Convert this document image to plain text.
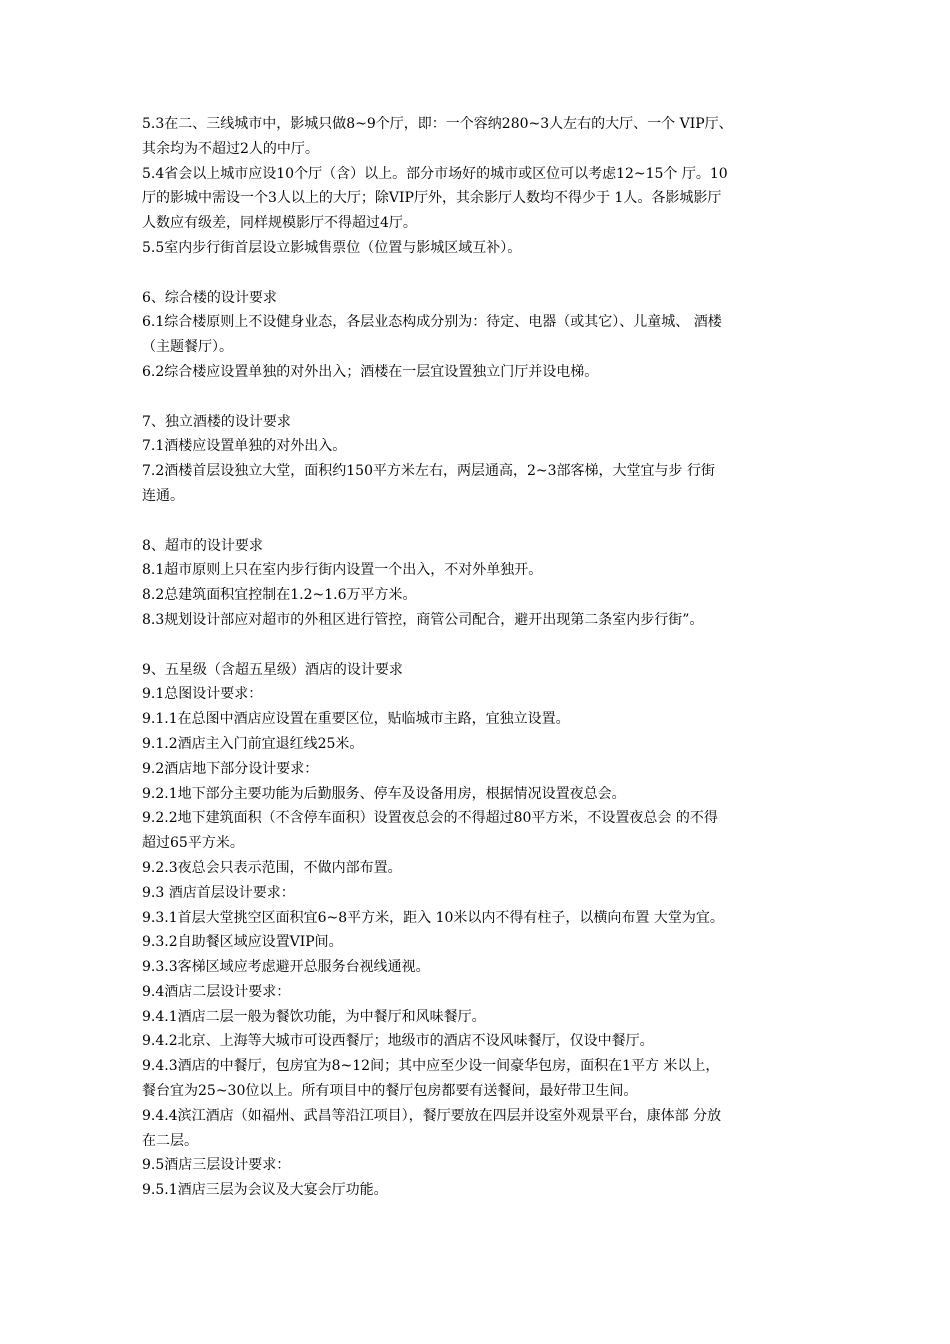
5.3在二、三线城市中，影城只做8~9个厅，即：一个容纳280~3人左右的大厅、一个 VIP厅、
其余均为不超过2人的中厅。
5.4省会以上城市应设10个厅（含）以上。部分市场好的城市或区位可以考虑12~15个 厅。10
厅的影城中需设一个3人以上的大厅；除VIP厅外，其余影厅人数均不得少于 1人。各影城影厅
人数应有级差，同样规模影厅不得超过4厅。
5.5室内步行街首层设立影城售票位（位置与影城区域互补）。
6、综合楼的设计要求
6.1综合楼原则上不设健身业态，各层业态构成分别为：待定、电器（或其它）、儿童城、 酒楼
（主题餐厅）。
6.2综合楼应设置单独的对外出入；酒楼在一层宜设置独立门厅并设电梯。
7、独立酒楼的设计要求
7.1酒楼应设置单独的对外出入。
7.2酒楼首层设独立大堂，面积约150平方米左右，两层通高，2~3部客梯，大堂宜与步 行街
连通。
8、超市的设计要求
8.1超市原则上只在室内步行街内设置一个出入，不对外单独开。
8.2总建筑面积宜控制在1.2~1.6万平方米。
8.3规划设计部应对超市的外租区进行管控，商管公司配合，避开出现第二条室内步行街”。
9、五星级（含超五星级）酒店的设计要求
9.1总图设计要求：
9.1.1在总图中酒店应设置在重要区位，贴临城市主路，宜独立设置。
9.1.2酒店主入门前宜退红线25米。
9.2酒店地下部分设计要求：
9.2.1地下部分主要功能为后勤服务、停车及设备用房，根据情况设置夜总会。
9.2.2地下建筑面积（不含停车面积）设置夜总会的不得超过80平方米，不设置夜总会 的不得
超过65平方米。
9.2.3夜总会只表示范围，不做内部布置。
9.3 酒店首层设计要求：
9.3.1首层大堂挑空区面积宜6~8平方米，距入 10米以内不得有柱子，以横向布置 大堂为宜。
9.3.2自助餐区域应设置VIP间。
9.3.3客梯区域应考虑避开总服务台视线通视。
9.4酒店二层设计要求：
9.4.1酒店二层一般为餐饮功能，为中餐厅和风味餐厅。
9.4.2北京、上海等大城市可设西餐厅；地级市的酒店不设风味餐厅，仅设中餐厅。
9.4.3酒店的中餐厅，包房宜为8~12间；其中应至少设一间豪华包房，面积在1平方 米以上，
餐台宜为25~30位以上。所有项目中的餐厅包房都要有送餐间，最好带卫生间。
9.4.4滨江酒店（如福州、武昌等沿江项目），餐厅要放在四层并设室外观景平台，康体部 分放
在二层。
9.5酒店三层设计要求：
9.5.1酒店三层为会议及大宴会厅功能。
